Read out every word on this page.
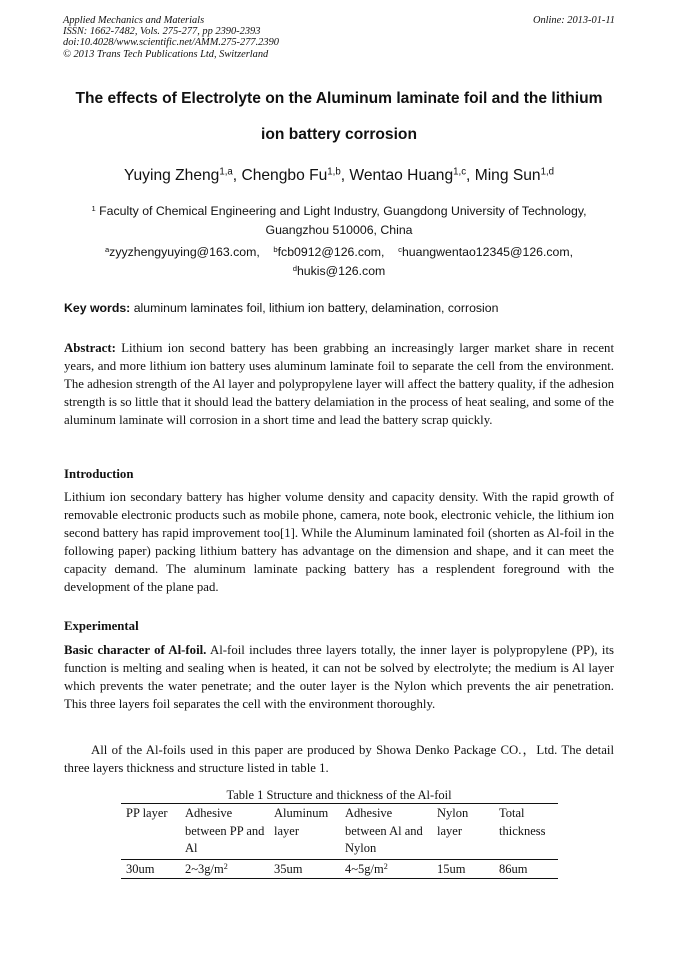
Applied Mechanics and Materials
ISSN: 1662-7482, Vols. 275-277, pp 2390-2393
doi:10.4028/www.scientific.net/AMM.275-277.2390
© 2013 Trans Tech Publications Ltd, Switzerland
Online: 2013-01-11
The effects of Electrolyte on the Aluminum laminate foil and the lithium
ion battery corrosion
Yuying Zheng$^{1,a}$, Chengbo Fu$^{1,b}$, Wentao Huang$^{1,c}$, Ming Sun$^{1,d}$
$^1$ Faculty of Chemical Engineering and Light Industry, Guangdong University of Technology,
Guangzhou 510006, China
$^a$zyyzhengyuying@163.com, $^b$fcb0912@126.com, $^c$huangwentao12345@126.com,
$^d$hukis@126.com
Key words: aluminum laminates foil, lithium ion battery, delamination, corrosion

Abstract: Lithium ion second battery has been grabbing an increasingly larger market share in recent years, and more lithium ion battery uses aluminum laminate foil to separate the cell from the environment. The adhesion strength of the Al layer and polypropylene layer will affect the battery quality, if the adhesion strength is so little that it should lead the battery delamiation in the process of heat sealing, and some of the aluminum laminate will corrosion in a short time and lead the battery scrap quickly.

Introduction

Lithium ion secondary battery has higher volume density and capacity density. With the rapid growth of removable electronic products such as mobile phone, camera, note book, electronic vehicle, the lithium ion second battery has rapid improvement too[1]. While the Aluminum laminated foil (shorten as Al-foil in the following paper) packing lithium battery has advantage on the dimension and shape, and it can meet the capacity demand. The aluminum laminate packing battery has a resplendent foreground with the development of the plane pad.

Experimental

Basic character of Al-foil. Al-foil includes three layers totally, the inner layer is polypropylene (PP), its function is melting and sealing when is heated, it can not be solved by electrolyte; the medium is Al layer which prevents the water penetrate; and the outer layer is the Nylon which prevents the air penetration. This three layers foil separates the cell with the environment thoroughly.

All of the Al-foils used in this paper are produced by Showa Denko Package CO.，Ltd. The detail three layers thickness and structure listed in table 1.

Table 1 Structure and thickness of the Al-foil
PP layer	Adhesive between PP and Al	Aluminum layer	Adhesive between Al and Nylon	Nylon layer	Total thickness
30um	$2\sim 3g/m^2$	35um	$4\sim 5g/m^2$	15um	86um
